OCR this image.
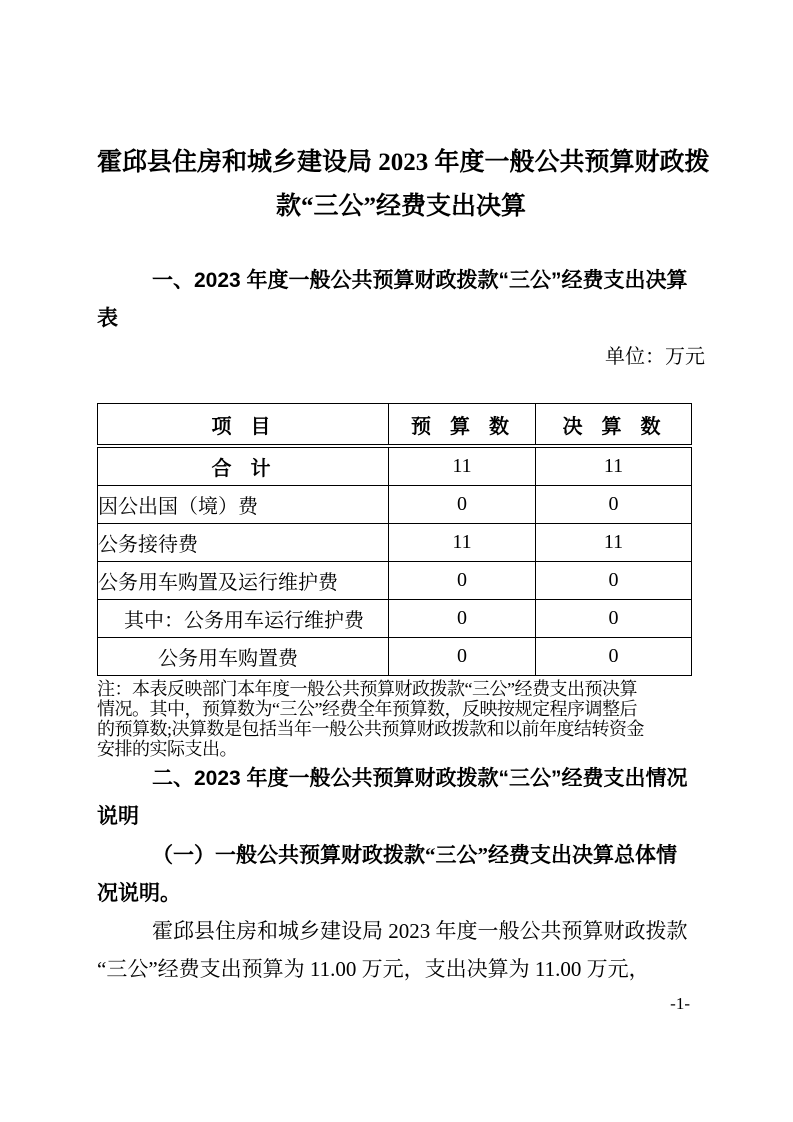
霍邱县住房和城乡建设局 2023 年度一般公共预算财政拨
款“三公”经费支出决算
一、2023 年度一般公共预算财政拨款“三公”经费支出决算
表
单位：万元
项 目	预 算 数	决 算 数
合 计	11	11
因公出国（境）费	0	0
公务接待费	11	11
公务用车购置及运行维护费	0	0
其中：公务用车运行维护费	0	0
公务用车购置费	0	0
注：本表反映部门本年度一般公共预算财政拨款“三公”经费支出预决算
情况。其中，预算数为“三公”经费全年预算数，反映按规定程序调整后
的预算数;决算数是包括当年一般公共预算财政拨款和以前年度结转资金
安排的实际支出。
二、2023 年度一般公共预算财政拨款“三公”经费支出情况
说明
（一）一般公共预算财政拨款“三公”经费支出决算总体情
况说明。
霍邱县住房和城乡建设局 2023 年度一般公共预算财政拨款
“三公”经费支出预算为 11.00 万元，支出决算为 11.00 万元，
-1-
